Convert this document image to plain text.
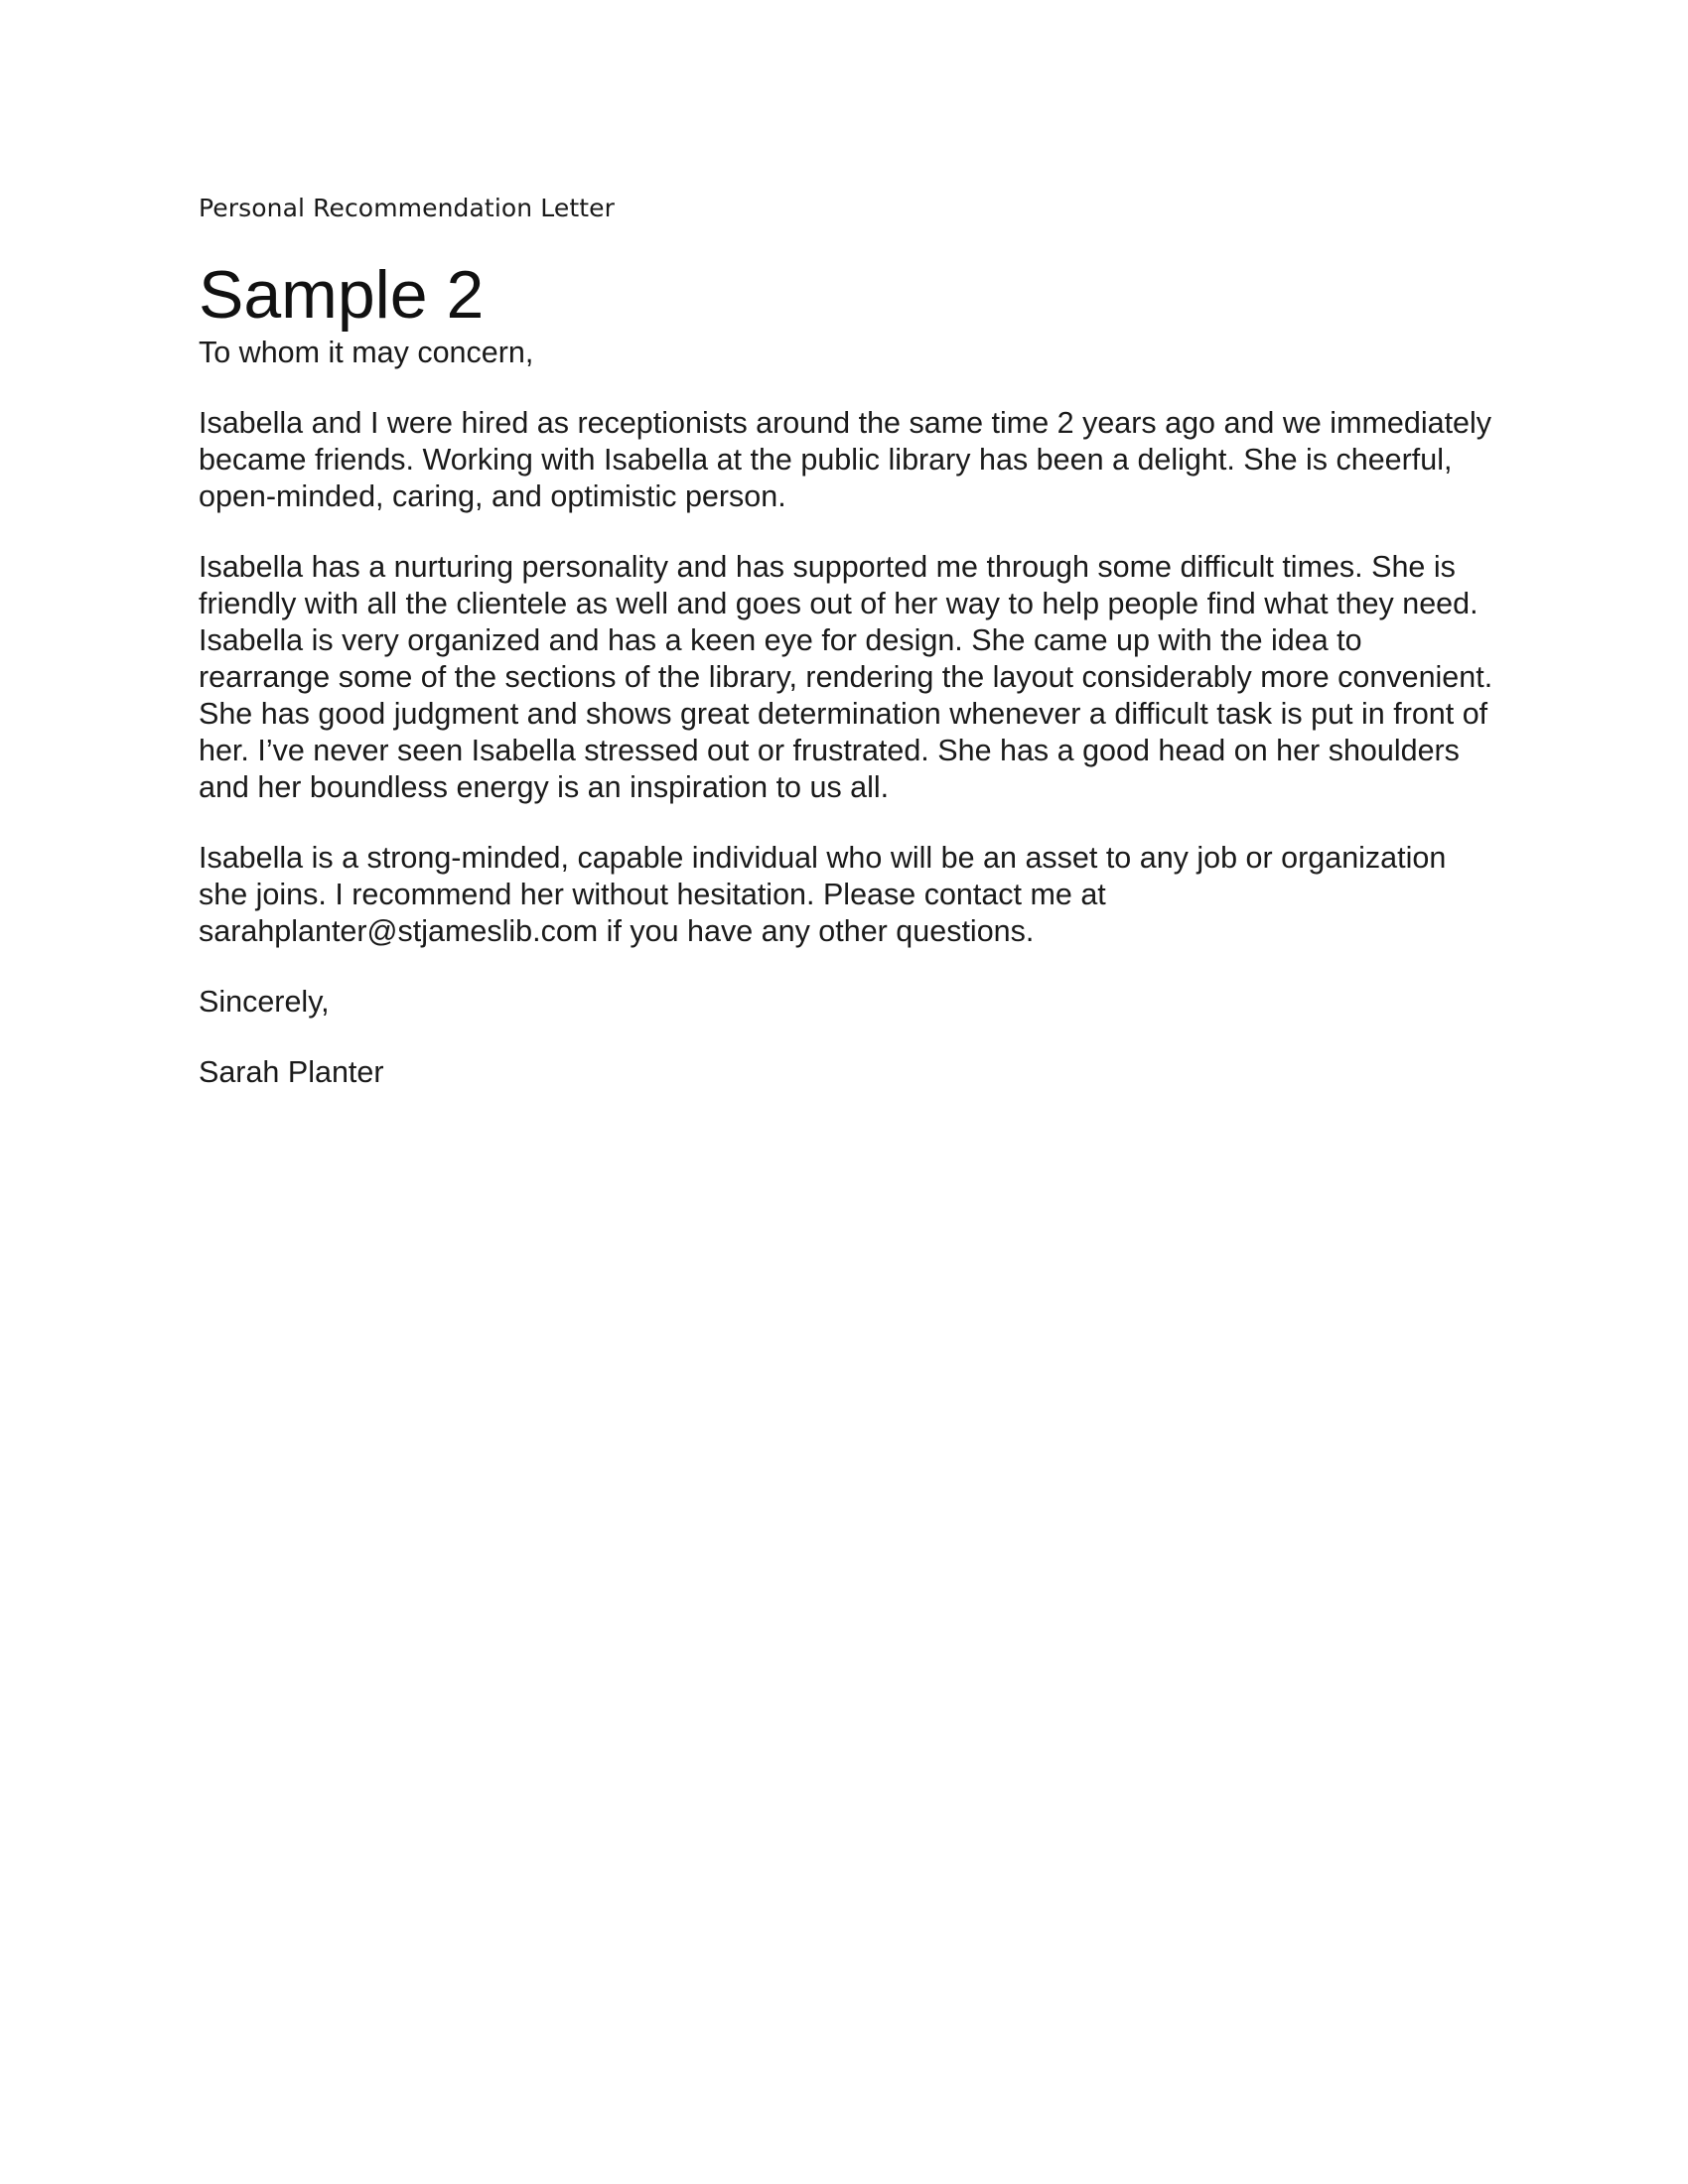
Personal Recommendation Letter

Sample 2

To whom it may concern,

Isabella and I were hired as receptionists around the same time 2 years ago and we immediately became friends. Working with Isabella at the public library has been a delight. She is cheerful, open-minded, caring, and optimistic person.

Isabella has a nurturing personality and has supported me through some difficult times. She is friendly with all the clientele as well and goes out of her way to help people find what they need. Isabella is very organized and has a keen eye for design. She came up with the idea to rearrange some of the sections of the library, rendering the layout considerably more convenient. She has good judgment and shows great determination whenever a difficult task is put in front of her. I’ve never seen Isabella stressed out or frustrated. She has a good head on her shoulders and her boundless energy is an inspiration to us all.

Isabella is a strong-minded, capable individual who will be an asset to any job or organization she joins. I recommend her without hesitation. Please contact me at sarahplanter@stjameslib.com if you have any other questions.

Sincerely,

Sarah Planter
